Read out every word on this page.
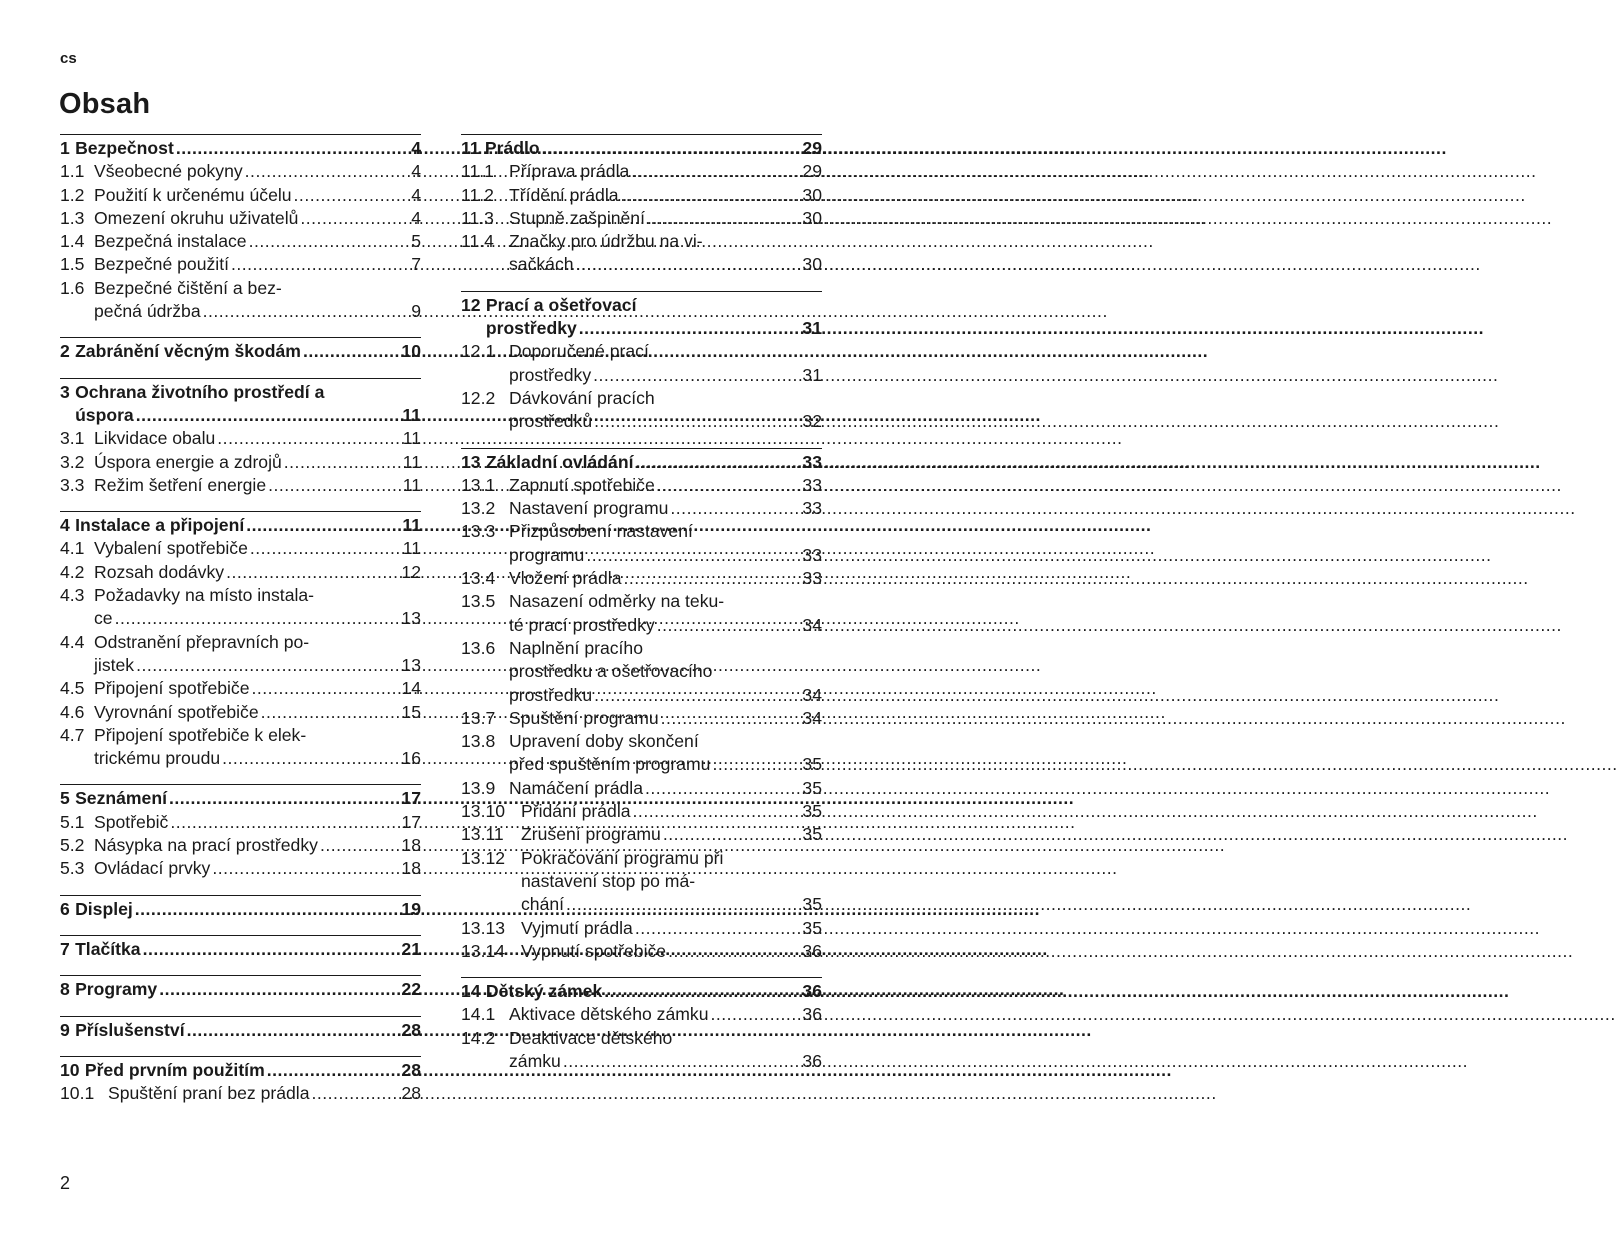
cs
Obsah
1 Bezpečnost .....	4
1.1 Všeobecné pokyny .....	4
1.2 Použití k určenému účelu .....	4
1.3 Omezení okruhu uživatelů .....	4
1.4 Bezpečná instalace .....	5
1.5 Bezpečné použití .....	7
1.6 Bezpečné čištění a bez-
pečná údržba .....	9
2 Zabránění věcným škodám .....	10
3 Ochrana životního prostředí a
úspora .....	11
3.1 Likvidace obalu .....	11
3.2 Úspora energie a zdrojů .....	11
3.3 Režim šetření energie .....	11
4 Instalace a připojení .....	11
4.1 Vybalení spotřebiče .....	11
4.2 Rozsah dodávky .....	12
4.3 Požadavky na místo instala-
ce .....	13
4.4 Odstranění přepravních po-
jistek .....	13
4.5 Připojení spotřebiče .....	14
4.6 Vyrovnání spotřebiče .....	15
4.7 Připojení spotřebiče k elek-
trickému proudu .....	16
5 Seznámení .....	17
5.1 Spotřebič .....	17
5.2 Násypka na prací prostředky .....	18
5.3 Ovládací prvky .....	18
6 Displej .....	19
7 Tlačítka .....	21
8 Programy .....	22
9 Příslušenství .....	28
10 Před prvním použitím .....	28
10.1 Spuštění praní bez prádla .....	28
11 Prádlo .....	29
11.1 Příprava prádla .....	29
11.2 Třídění prádla .....	30
11.3 Stupně zašpinění .....	30
11.4 Značky pro údržbu na vi-
sačkách .....	30
12 Prací a ošetřovací
prostředky .....	31
12.1 Doporučené prací
prostředky .....	31
12.2 Dávkování pracích
prostředků .....	32
13 Základní ovládání .....	33
13.1 Zapnutí spotřebiče .....	33
13.2 Nastavení programu .....	33
13.3 Přizpůsobení nastavení
programu .....	33
13.4 Vložení prádla .....	33
13.5 Nasazení odměrky na teku-
té prací prostředky .....	34
13.6 Naplnění pracího
prostředku a ošetřovacího
prostředku .....	34
13.7 Spuštění programu .....	34
13.8 Upravení doby skončení
před spuštěním programu .....	35
13.9 Namáčení prádla .....	35
13.10 Přidání prádla .....	35
13.11 Zrušení programu .....	35
13.12 Pokračování programu při
nastavení stop po má-
chání .....	35
13.13 Vyjmutí prádla .....	35
13.14 Vypnutí spotřebiče .....	36
14 Dětský zámek .....	36
14.1 Aktivace dětského zámku .....	36
14.2 Deaktivace dětského
zámku .....	36
2
